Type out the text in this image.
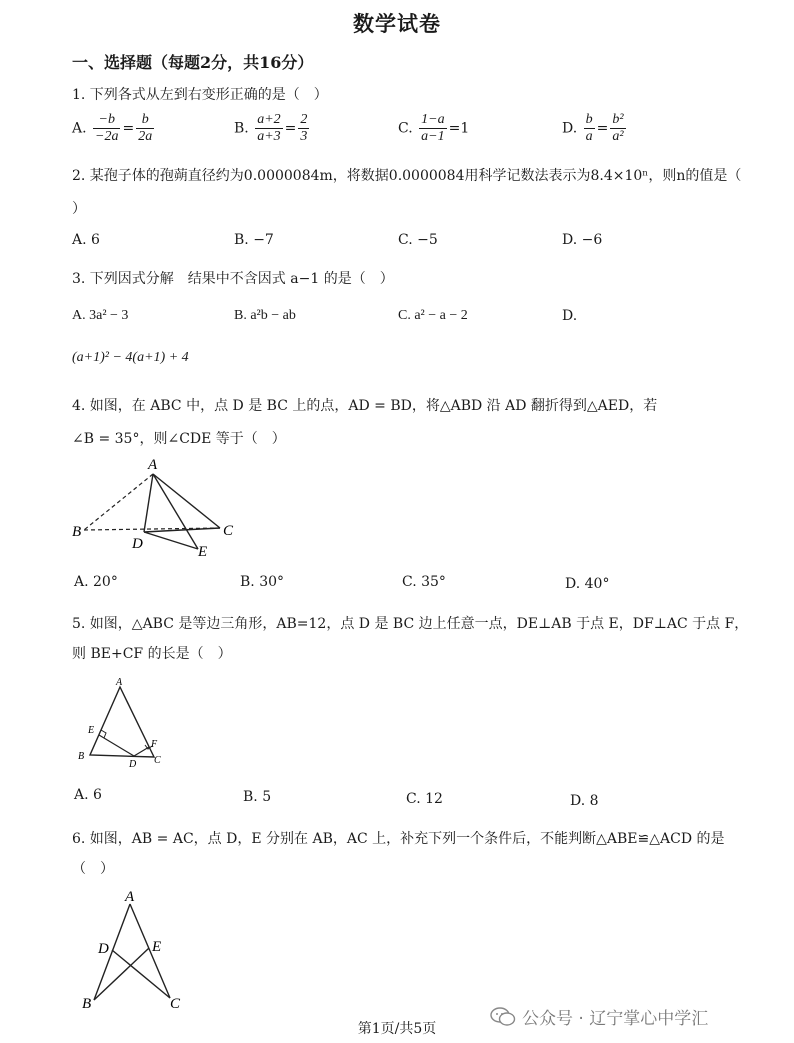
数学试卷
一、选择题（每题2分，共16分）
1. 下列各式从左到右变形正确的是（　）
A. $\frac{-b}{-2a} = \frac{b}{2a}$	B. $\frac{a+2}{a+3} = \frac{2}{3}$	C. $\frac{1-a}{a-1} =1$	D. $\frac{b}{a} = \frac{\text{b²}}{\text{a²}}$
2. 某孢子体的孢蒴直径约为0.0000084m，将数据0.0000084用科学记数法表示为8.4×10ⁿ，则n的值是（
）
A. 6	B. −7	C. −5	D. −6
3. 下列因式分解　结果中不含因式 a−1 的是（　）
A. 3a² − 3	B. a²b − ab	C. a² − a − 2	D.
(a+1)² − 4(a+1) + 4
4. 如图，在 ABC 中，点 D 是 BC 上的点，AD = BD，将△ABD 沿 AD 翻折得到△AED，若
∠B = 35°，则∠CDE 等于（　）
A
B	C
D	E
A. 20°	B. 30°	C. 35°	D. 40°
5. 如图，△ABC 是等边三角形，AB=12，点 D 是 BC 边上任意一点，DE⊥AB 于点 E，DF⊥AC 于点 F，
则 BE+CF 的长是（　）
A
E
B
D
F
C
A. 6	B. 5	C. 12	D. 8
6. 如图，AB = AC，点 D，E 分别在 AB，AC 上，补充下列一个条件后，不能判断△ABE≌△ACD 的是
（　）
A
D	E
B	C
公众号 · 辽宁掌心中学汇
第1页/共5页
